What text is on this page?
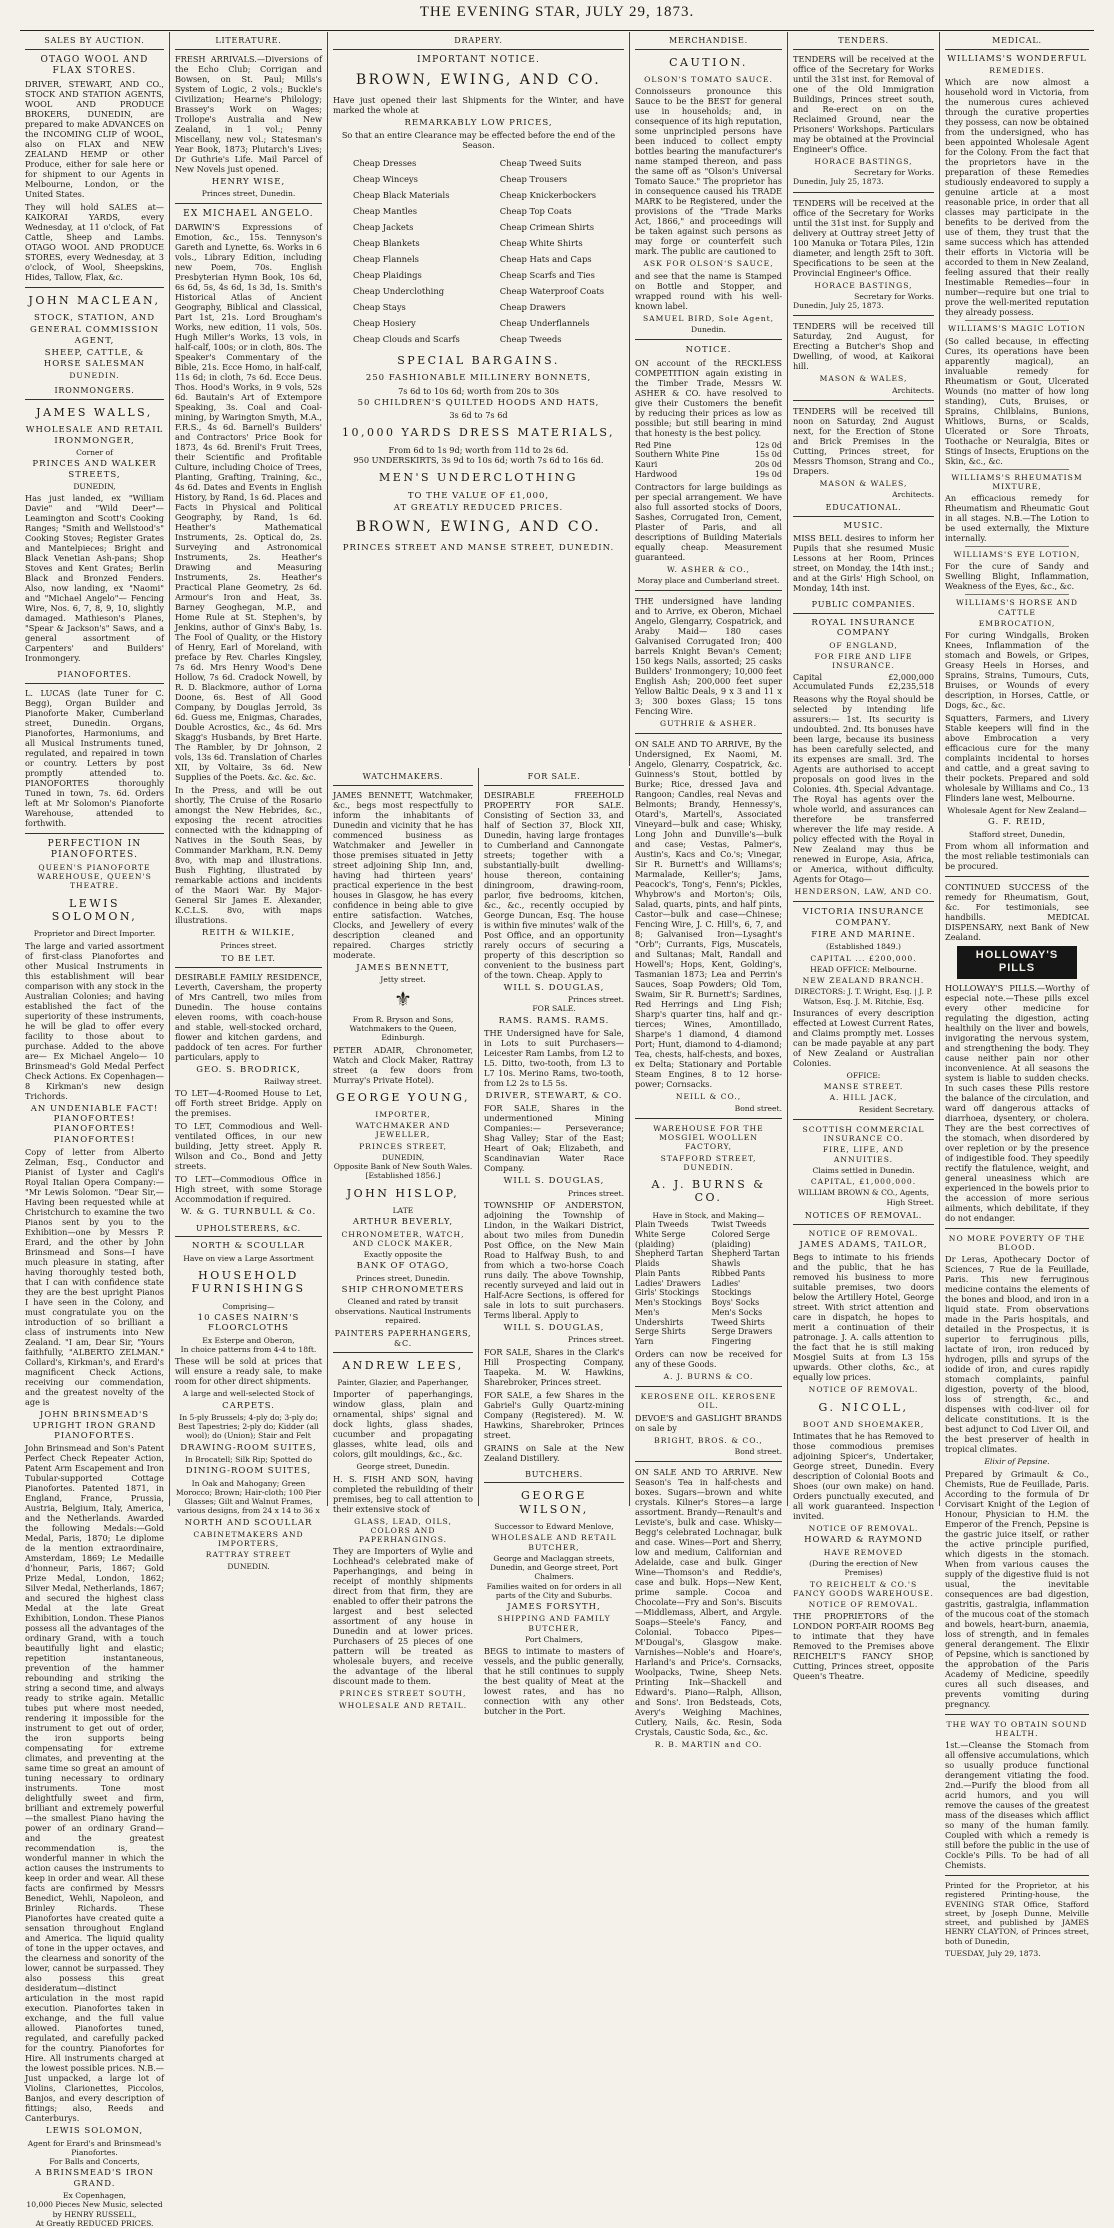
THE EVENING STAR, JULY 29, 1873.
SALES BY AUCTION.
OTAGO WOOL AND FLAX STORES.
DRIVER, STEWART, AND CO., STOCK AND STATION AGENTS, WOOL AND PRODUCE BROKERS, DUNEDIN, are prepared to make ADVANCES on the INCOMING CLIP of WOOL, also on FLAX and NEW ZEALAND HEMP or other Produce, either for sale here or for shipment to our Agents in Melbourne, London, or the United States.
They will hold SALES at— KAIKORAI YARDS, every Wednesday, at 11 o'clock, of Fat Cattle, Sheep and Lambs. OTAGO WOOL AND PRODUCE STORES, every Wednesday, at 3 o'clock, of Wool, Sheepskins, Hides, Tallow, Flax, &c.
JOHN MACLEAN,
STOCK, STATION, AND
GENERAL COMMISSION AGENT,
SHEEP, CATTLE, & HORSE SALESMAN
DUNEDIN.
IRONMONGERS.
JAMES WALLS,
WHOLESALE AND RETAIL IRONMONGER,
Corner of
PRINCES AND WALKER STREETS,
DUNEDIN,
Has just landed, ex "William Davie" and "Wild Deer"— Leamington and Scott's Cooking Ranges; "Smith and Wellstood's" Cooking Stoves; Register Grates and Mantelpieces; Bright and Black Venetian Ash-pans; Shop Stoves and Kent Grates; Berlin Black and Bronzed Fenders. Also, now landing, ex "Naomi" and "Michael Angelo"— Fencing Wire, Nos. 6, 7, 8, 9, 10, slightly damaged. Mathieson's Planes, "Spear & Jackson's" Saws, and a general assortment of Carpenters' and Builders' Ironmongery.
PIANOFORTES.
L. LUCAS (late Tuner for C. Begg), Organ Builder and Pianoforte Maker, Cumberland street, Dunedin. Organs, Pianofortes, Harmoniums, and all Musical Instruments tuned, regulated, and repaired in town or country. Letters by post promptly attended to. PIANOFORTES thoroughly Tuned in town, 7s. 6d. Orders left at Mr Solomon's Pianoforte Warehouse, attended to forthwith.
PERFECTION IN PIANOFORTES.
QUEEN'S PIANOFORTE WAREHOUSE, QUEEN'S THEATRE.
LEWIS SOLOMON,
Proprietor and Direct Importer.
The large and varied assortment of first-class Pianofortes and other Musical Instruments in this establishment will bear comparison with any stock in the Australian Colonies; and having established the fact of the superiority of these instruments, he will be glad to offer every facility to those about to purchase. Added to the above are— Ex Michael Angelo— 10 Brinsmead's Gold Medal Perfect Check Actions. Ex Copenhagen— 8 Kirkman's new design Trichords.
AN UNDENIABLE FACT! PIANOFORTES! PIANOFORTES! PIANOFORTES!
Copy of letter from Alberto Zelman, Esq., Conductor and Pianist of Lyster and Cagli's Royal Italian Opera Company:— "Mr Lewis Solomon. "Dear Sir,—Having been requested while at Christchurch to examine the two Pianos sent by you to the Exhibition—one by Messrs P. Erard, and the other by John Brinsmead and Sons—I have much pleasure in stating, after having thoroughly tested both, that I can with confidence state they are the best upright Pianos I have seen in the Colony, and must congratulate you on the introduction of so brilliant a class of instruments into New Zealand. "I am, Dear Sir, "Yours faithfully, "ALBERTO ZELMAN." Collard's, Kirkman's, and Erard's magnificent Check Actions, receiving our commendation, and the greatest novelty of the age is
JOHN BRINSMEAD'S UPRIGHT IRON GRAND PIANOFORTES.
John Brinsmead and Son's Patent Perfect Check Repeater Action, Patent Arm Escapement and Iron Tubular-supported Cottage Pianofortes. Patented 1871, in England, France, Prussia, Austria, Belgium, Italy, America, and the Netherlands. Awarded the following Medals:—Gold Medal, Paris, 1870; Le diplome de la mention extraordinaire, Amsterdam, 1869; Le Medaille d'honneur, Paris, 1867; Gold Prize Medal, London, 1862; Silver Medal, Netherlands, 1867; and secured the highest class Medal at the late Great Exhibition, London. These Pianos possess all the advantages of the ordinary Grand, with a touch beautifully light and elastic; repetition instantaneous, prevention of the hammer rebounding and striking the string a second time, and always ready to strike again. Metallic tubes put where most needed, rendering it impossible for the instrument to get out of order, the iron supports being compensating for extreme climates, and preventing at the same time so great an amount of tuning necessary to ordinary instruments. Tone most delightfully sweet and firm, brilliant and extremely powerful—the smallest Piano having the power of an ordinary Grand—and the greatest recommendation is, the wonderful manner in which the action causes the instruments to keep in order and wear. All these facts are confirmed by Messrs Benedict, Wehli, Napoleon, and Brinley Richards. These Pianofortes have created quite a sensation throughout England and America. The liquid quality of tone in the upper octaves, and the clearness and sonority of the lower, cannot be surpassed. They also possess this great desideratum—distinct articulation in the most rapid execution. Pianofortes taken in exchange, and the full value allowed. Pianofortes tuned, regulated, and carefully packed for the country. Pianofortes for Hire. All instruments charged at the lowest possible prices. N.B.—Just unpacked, a large lot of Violins, Clarionettes, Piccolos, Banjos, and every description of fittings; also, Reeds and Canterburys.
LEWIS SOLOMON,
Agent for Erard's and Brinsmead's Pianofortes.
For Balls and Concerts,
A BRINSMEAD'S IRON GRAND.
Ex Copenhagen,
10,000 Pieces New Music, selected by HENRY RUSSELL,
At Greatly REDUCED PRICES.
LITERATURE.
FRESH ARRIVALS.—Diversions of the Echo Club; Corrigan and Bowsen, on St. Paul; Mills's System of Logic, 2 vols.; Buckle's Civilization; Hearne's Philology; Brassey's Work on Wages; Trollope's Australia and New Zealand, in 1 vol.; Penny Miscellany, new vol.; Statesman's Year Book, 1873; Plutarch's Lives; Dr Guthrie's Life. Mail Parcel of New Novels just opened.
HENRY WISE,
Princes street, Dunedin.
EX MICHAEL ANGELO.
DARWIN'S Expressions of Emotion, &c., 15s. Tennyson's Gareth and Lynette, 6s. Works in 6 vols., Library Edition, including new Poem, 70s. English Presbyterian Hymn Book, 10s 6d, 6s 6d, 5s, 4s 6d, 1s 3d, 1s. Smith's Historical Atlas of Ancient Geography, Biblical and Classical, Part 1st, 21s. Lord Brougham's Works, new edition, 11 vols, 50s. Hugh Miller's Works, 13 vols, in half-calf, 100s; or in cloth, 80s. The Speaker's Commentary of the Bible, 21s. Ecce Homo, in half-calf, 11s 6d; in cloth, 7s 6d. Ecce Deus. Thos. Hood's Works, in 9 vols, 52s 6d. Bautain's Art of Extempore Speaking, 3s. Coal and Coal-mining, by Warington Smyth, M.A., F.R.S., 4s 6d. Barnell's Builders' and Contractors' Price Book for 1873, 4s 6d. Brenil's Fruit Trees, their Scientific and Profitable Culture, including Choice of Trees, Planting, Grafting, Training, &c., 4s 6d. Dates and Events in English History, by Rand, 1s 6d. Places and Facts in Physical and Political Geography, by Rand, 1s 6d. Heather's Mathematical Instruments, 2s. Optical do, 2s. Surveying and Astronomical Instruments, 2s. Heather's Drawing and Measuring Instruments, 2s. Heather's Practical Plane Geometry, 2s 6d. Armour's Iron and Heat, 3s. Barney Geoghegan, M.P., and Home Rule at St. Stephen's, by Jenkins, author of Ginx's Baby, 1s. The Fool of Quality, or the History of Henry, Earl of Moreland, with preface by Rev. Charles Kingsley, 7s 6d. Mrs Henry Wood's Dene Hollow, 7s 6d. Cradock Nowell, by R. D. Blackmore, author of Lorna Doone, 6s. Best of All Good Company, by Douglas Jerrold, 3s 6d. Guess me, Enigmas, Charades, Double Acrostics, &c., 4s 6d. Mrs Skagg's Husbands, by Bret Harte. The Rambler, by Dr Johnson, 2 vols, 13s 6d. Translation of Charles XII, by Voltaire, 3s 6d. New Supplies of the Poets. &c. &c. &c.
In the Press, and will be out shortly, The Cruise of the Rosario amongst the New Hebrides, &c., exposing the recent atrocities connected with the kidnapping of Natives in the South Seas, by Commander Markham, R.N. Demy 8vo, with map and illustrations. Bush Fighting, illustrated by remarkable actions and incidents of the Maori War. By Major-General Sir James E. Alexander, K.C.L.S. 8vo, with maps illustrations.
REITH & WILKIE,
Princes street.
TO BE LET.
DESIRABLE FAMILY RESIDENCE, Leverth, Caversham, the property of Mrs Cantrell, two miles from Dunedin. The house contains eleven rooms, with coach-house and stable, well-stocked orchard, flower and kitchen gardens, and paddock of ten acres. For further particulars, apply to
GEO. S. BRODRICK,
Railway street.
TO LET—4-Roomed House to Let, off Forth street Bridge. Apply on the premises.
TO LET, Commodious and Well-ventilated Offices, in our new building, Jetty street. Apply R. Wilson and Co., Bond and Jetty streets.
TO LET—Commodious Office in High street, with some Storage Accommodation if required.
W. & G. TURNBULL & Co.
UPHOLSTERERS, &C.
NORTH & SCOULLAR
Have on view a Large Assortment
HOUSEHOLD FURNISHINGS
Comprising—
10 CASES NAIRN'S FLOORCLOTHS
Ex Esterpe and Oberon,
In choice patterns from 4-4 to 18ft.
These will be sold at prices that will ensure a ready sale, to make room for other direct shipments.
A large and well-selected Stock of
CARPETS.
In 5-ply Brussels; 4-ply do; 3-ply do; Best Tapestries; 2-ply do; Kidder (all wool); do (Union); Stair and Felt
DRAWING-ROOM SUITES,
In Brocatell; Silk Rip; Spotted do
DINING-ROOM SUITES,
In Oak and Mahogany; Green Morocco; Brown; Hair-cloth; 100 Pier Glasses; Gilt and Walnut Frames, various designs, from 24 x 14 to 36 x
NORTH AND SCOULLAR
CABINETMAKERS AND IMPORTERS,
RATTRAY STREET
DUNEDIN.
DRAPERY.
IMPORTANT NOTICE.
BROWN, EWING, AND CO.
Have just opened their last Shipments for the Winter, and have marked the whole at
REMARKABLY LOW PRICES,
So that an entire Clearance may be effected before the end of the Season.
Cheap Dresses
Cheap Winceys
Cheap Black Materials
Cheap Mantles
Cheap Jackets
Cheap Blankets
Cheap Flannels
Cheap Plaidings
Cheap Underclothing
Cheap Stays
Cheap Hosiery
Cheap Clouds and Scarfs
Cheap Tweed Suits
Cheap Trousers
Cheap Knickerbockers
Cheap Top Coats
Cheap Crimean Shirts
Cheap White Shirts
Cheap Hats and Caps
Cheap Scarfs and Ties
Cheap Waterproof Coats
Cheap Drawers
Cheap Underflannels
Cheap Tweeds
SPECIAL BARGAINS.
250 FASHIONABLE MILLINERY BONNETS,
7s 6d to 10s 6d; worth from 20s to 30s
50 CHILDREN'S QUILTED HOODS AND HATS,
3s 6d to 7s 6d
10,000 YARDS DRESS MATERIALS,
From 6d to 1s 9d; worth from 11d to 2s 6d.
950 UNDERSKIRTS, 3s 9d to 10s 6d; worth 7s 6d to 16s 6d.
MEN'S UNDERCLOTHING
TO THE VALUE OF £1,000,
AT GREATLY REDUCED PRICES.
BROWN, EWING, AND CO.
PRINCES STREET AND MANSE STREET, DUNEDIN.
WATCHMAKERS.
JAMES BENNETT, Watchmaker, &c., begs most respectfully to inform the inhabitants of Dunedin and vicinity that he has commenced business as Watchmaker and Jeweller in those premises situated in Jetty street adjoining Ship Inn, and, having had thirteen years' practical experience in the best houses in Glasgow, he has every confidence in being able to give entire satisfaction. Watches, Clocks, and Jewellery of every description cleaned and repaired. Charges strictly moderate.
JAMES BENNETT,
Jetty street.
⚜
From R. Bryson and Sons, Watchmakers to the Queen, Edinburgh.
PETER ADAIR, Chronometer, Watch and Clock Maker, Rattray street (a few doors from Murray's Private Hotel).
GEORGE YOUNG,
IMPORTER,
WATCHMAKER AND JEWELLER,
PRINCES STREET,
DUNEDIN,
Opposite Bank of New South Wales.
[Established 1856.]
JOHN HISLOP,
LATE
ARTHUR BEVERLY,
CHRONOMETER, WATCH, AND CLOCK MAKER,
Exactly opposite the
BANK OF OTAGO,
Princes street, Dunedin.
SHIP CHRONOMETERS
Cleaned and rated by transit observations. Nautical Instruments repaired.
PAINTERS PAPERHANGERS, &C.
ANDREW LEES,
Painter, Glazier, and Paperhanger,
Importer of paperhangings, window glass, plain and ornamental, ships' signal and dock lights, glass shades, cucumber and propagating glasses, white lead, oils and colors, gilt mouldings, &c., &c.
George street, Dunedin.
H. S. FISH AND SON, having completed the rebuilding of their premises, beg to call attention to their extensive stock of
GLASS, LEAD, OILS, COLORS AND PAPERHANGINGS.
They are Importers of Wylie and Lochhead's celebrated make of Paperhangings, and being in receipt of monthly shipments direct from that firm, they are enabled to offer their patrons the largest and best selected assortment of any house in Dunedin and at lower prices. Purchasers of 25 pieces of one pattern will be treated as wholesale buyers, and receive the advantage of the liberal discount made to them.
PRINCES STREET SOUTH,
WHOLESALE AND RETAIL.
FOR SALE.
DESIRABLE FREEHOLD PROPERTY FOR SALE. Consisting of Section 33, and half of Section 37, Block XII, Dunedin, having large frontages to Cumberland and Cannongate streets; together with a substantially-built dwelling-house thereon, containing diningroom, drawing-room, parlor, five bedrooms, kitchen, &c., &c., recently occupied by George Duncan, Esq. The house is within five minutes' walk of the Post Office, and an opportunity rarely occurs of securing a property of this description so convenient to the business part of the town. Cheap. Apply to
WILL S. DOUGLAS,
Princes street.
FOR SALE.
RAMS. RAMS. RAMS.
THE Undersigned have for Sale, in Lots to suit Purchasers— Leicester Ram Lambs, from L2 to L5. Ditto, two-tooth, from L3 to L7 10s. Merino Rams, two-tooth, from L2 2s to L5 5s.
DRIVER, STEWART, & CO.
FOR SALE, Shares in the undermentioned Mining Companies:— Perseverance; Shag Valley; Star of the East; Heart of Oak; Elizabeth, and Scandinavian Water Race Company.
WILL S. DOUGLAS,
Princes street.
TOWNSHIP OF ANDERSTON, adjoining the Township of Lindon, in the Waikari District, about two miles from Dunedin Post Office, on the New Main Road to Halfway Bush, to and from which a two-horse Coach runs daily. The above Township, recently surveyed and laid out in Half-Acre Sections, is offered for sale in lots to suit purchasers. Terms liberal. Apply to
WILL S. DOUGLAS,
Princes street.
FOR SALE, Shares in the Clark's Hill Prospecting Company, Taapeka. M. W. Hawkins, Sharebroker, Princes street.
FOR SALE, a few Shares in the Gabriel's Gully Quartz-mining Company (Registered). M. W. Hawkins, Sharebroker, Princes street.
GRAINS on Sale at the New Zealand Distillery.
BUTCHERS.
GEORGE WILSON,
Successor to Edward Menlove,
WHOLESALE AND RETAIL BUTCHER,
George and Maclaggan streets, Dunedin, and George street, Port Chalmers.
Families waited on for orders in all parts of the City and Suburbs.
JAMES FORSYTH,
SHIPPING AND FAMILY BUTCHER,
Port Chalmers,
BEGS to intimate to masters of vessels, and the public generally, that he still continues to supply the best quality of Meat at the lowest rates, and has no connection with any other butcher in the Port.
MERCHANDISE.
CAUTION.
OLSON'S TOMATO SAUCE.
Connoisseurs pronounce this Sauce to be the BEST for general use in households; and, in consequence of its high reputation, some unprincipled persons have been induced to collect empty bottles bearing the manufacturer's name stamped thereon, and pass the same off as "Olson's Universal Tomato Sauce." The proprietor has in consequence caused his TRADE MARK to be Registered, under the provisions of the "Trade Marks Act, 1866," and proceedings will be taken against such persons as may forge or counterfeit such mark. The public are cautioned to
ASK FOR OLSON'S SAUCE,
and see that the name is Stamped on Bottle and Stopper, and wrapped round with his well-known label.
SAMUEL BIRD, Sole Agent,
Dunedin.
NOTICE.
ON account of the RECKLESS COMPETITION again existing in the Timber Trade, Messrs W. ASHER & CO. have resolved to give their Customers the benefit by reducing their prices as low as possible; but still bearing in mind that honesty is the best policy.
Red Pine	12s 0d
Southern White Pine	15s 0d
Kauri	20s 0d
Hardwood	19s 0d
Contractors for large buildings as per special arrangement. We have also full assorted stocks of Doors, Sashes, Corrugated Iron, Cement, Plaster of Paris, and all descriptions of Building Materials equally cheap. Measurement guaranteed.
W. ASHER & CO.,
Moray place and Cumberland street.
THE undersigned have landing and to Arrive, ex Oberon, Michael Angelo, Glengarry, Cospatrick, and Araby Maid— 180 cases Galvanised Corrugated Iron; 400 barrels Knight Bevan's Cement; 150 kegs Nails, assorted; 25 casks Builders' Ironmongery; 10,000 feet English Ash; 200,000 feet super Yellow Baltic Deals, 9 x 3 and 11 x 3; 300 boxes Glass; 15 tons Fencing Wire.
GUTHRIE & ASHER.
ON SALE AND TO ARRIVE, By the Undersigned, Ex Naomi, M. Angelo, Glenarry, Cospatrick, &c. Guinness's Stout, bottled by Burke; Rice, dressed Java and Rangoon; Candles, real Nevas and Belmonts; Brandy, Hennessy's, Otard's, Martell's, Associated Vineyard—bulk and case; Whisky, Long John and Dunville's—bulk and case; Vestas, Palmer's, Austin's, Kacs and Co.'s; Vinegar, Sir R. Burnett's and Williams's; Marmalade, Keiller's; Jams, Peacock's, Tong's, Fenn's; Pickles, Whybrow's and Morton's; Oils, Salad, quarts, pints, and half pints, Castor—bulk and case—Chinese; Fencing Wire, J. C. Hill's, 6, 7, and 8; Galvanised Iron—Lysaght's "Orb"; Currants, Figs, Muscatels, and Sultanas; Malt, Randall and Howell's; Hops, Kent, Golding's, Tasmanian 1873; Lea and Perrin's Sauces, Soap Powders; Old Tom, Swaim, Sir R. Burnett's; Sardines, Red Herrings and Ling Fish; Sharp's quarter tins, half and qr.-tierces; Wines, Amontillado, Sharpe's 1 diamond, 4 diamond Port; Hunt, diamond to 4-diamond; Tea, chests, half-chests, and boxes, ex Delta; Stationary and Portable Steam Engines, 8 to 12 horse-power; Cornsacks.
NEILL & CO.,
Bond street.
WAREHOUSE FOR THE MOSGIEL WOOLLEN FACTORY,
STAFFORD STREET, DUNEDIN.
A. J. BURNS & CO.
Have in Stock, and Making—
Plain Tweeds
White Serge (plaiding)
Shepherd Tartan Plaids
Plain Pants
Ladies' Drawers
Girls' Stockings
Men's Stockings
Men's Undershirts
Serge Shirts
Yarn
Twist Tweeds
Colored Serge (plaiding)
Shepherd Tartan Shawls
Ribbed Pants
Ladies' Stockings
Boys' Socks
Men's Socks
Tweed Shirts
Serge Drawers
Fingering
Orders can now be received for any of these Goods.
A. J. BURNS & CO.
KEROSENE OIL. KEROSENE OIL.
DEVOE'S and GASLIGHT BRANDS on sale by
BRIGHT, BROS. & CO.,
Bond street.
ON SALE AND TO ARRIVE. New Season's Tea in half-chests and boxes. Sugars—brown and white crystals. Kilner's Stores—a large assortment. Brandy—Renault's and Leviste's, bulk and case. Whisky—Begg's celebrated Lochnagar, bulk and case. Wines—Port and Sherry, low and medium, Californian and Adelaide, case and bulk. Ginger Wine—Thomson's and Reddie's, case and bulk. Hops—New Kent, prime sample. Cocoa and Chocolate—Fry and Son's. Biscuits—Middlemass, Albert, and Argyle. Soaps—Steele's Fancy, and Colonial. Tobacco Pipes—M'Dougal's, Glasgow make. Varnishes—Noble's and Hoare's, Harland's and Price's. Cornsacks, Woolpacks, Twine, Sheep Nets. Printing Ink—Shackell and Edward's. Piano—Ralph, Allison, and Sons'. Iron Bedsteads, Cots, Avery's Weighing Machines, Cutlery, Nails, &c. Resin, Soda Crystals, Caustic Soda, &c., &c.
R. B. MARTIN and CO.
TENDERS.
TENDERS will be received at the office of the Secretary for Works until the 31st inst. for Removal of one of the Old Immigration Buildings, Princes street south, and Re-erect on on the Reclaimed Ground, near the Prisoners' Workshops. Particulars may be obtained at the Provincial Engineer's Office.
HORACE BASTINGS,
Secretary for Works.
Dunedin, July 25, 1873.
TENDERS will be received at the office of the Secretary for Works until the 31st inst. for Supply and delivery at Outtray street Jetty of 100 Manuka or Totara Piles, 12in diameter, and length 25ft to 30ft. Specifications to be seen at the Provincial Engineer's Office.
HORACE BASTINGS,
Secretary for Works.
Dunedin, July 25, 1873.
TENDERS will be received till Saturday, 2nd August, for Erecting a Butcher's Shop and Dwelling, of wood, at Kaikorai hill.
MASON & WALES,
Architects.
TENDERS will be received till noon on Saturday, 2nd August next, for the Erection of Stone and Brick Premises in the Cutting, Princes street, for Messrs Thomson, Strang and Co., Drapers.
MASON & WALES,
Architects.
EDUCATIONAL.
MUSIC.
MISS BELL desires to inform her Pupils that she resumed Music Lessons at her Room, Princes street, on Monday, the 14th inst.; and at the Girls' High School, on Monday, 14th inst.
PUBLIC COMPANIES.
ROYAL INSURANCE COMPANY
OF ENGLAND,
FOR FIRE AND LIFE INSURANCE.
Capital	£2,000,000
Accumulated Funds £2,235,518
Reasons why the Royal should be selected by intending life assurers:— 1st. Its security is undoubted. 2nd. Its bonuses have been large, because its business has been carefully selected, and its expenses are small. 3rd. The Agents are authorised to accept proposals on good lives in the Colonies. 4th. Special Advantage. The Royal has agents over the whole world, and assurances can therefore be transferred wherever the life may reside. A policy effected with the Royal in New Zealand may thus be renewed in Europe, Asia, Africa, or America, without difficulty. Agents for Otago—
HENDERSON, LAW, AND CO.
VICTORIA INSURANCE COMPANY.
FIRE AND MARINE.
(Established 1849.)
CAPITAL ... £200,000.
HEAD OFFICE: Melbourne.
NEW ZEALAND BRANCH.
DIRECTORS: J. T. Wright, Esq. | J. P. Watson, Esq. J. M. Ritchie, Esq.
Insurances of every description effected at Lowest Current Rates, and Claims promptly met. Losses can be made payable at any part of New Zealand or Australian Colonies.
OFFICE:
MANSE STREET.
A. HILL JACK,
Resident Secretary.
SCOTTISH COMMERCIAL INSURANCE CO.
FIRE, LIFE, AND ANNUITIES.
Claims settled in Dunedin.
CAPITAL, £1,000,000.
WILLIAM BROWN & CO., Agents,
High Street.
NOTICES OF REMOVAL.
NOTICE OF REMOVAL.
JAMES ADAMS, TAILOR,
Begs to intimate to his friends and the public, that he has removed his business to more suitable premises, two doors below the Artillery Hotel, George street. With strict attention and care in dispatch, he hopes to merit a continuation of their patronage. J. A. calls attention to the fact that he is still making Mosgiel Suits at from L3 15s upwards. Other cloths, &c., at equally low prices.
NOTICE OF REMOVAL.
G. NICOLL,
BOOT AND SHOEMAKER,
Intimates that he has Removed to those commodious premises adjoining Spicer's, Undertaker, George street, Dunedin. Every description of Colonial Boots and Shoes (our own make) on hand. Orders punctually executed, and all work guaranteed. Inspection invited.
NOTICE OF REMOVAL.
HOWARD & RAYMOND
HAVE REMOVED
(During the erection of New Premises)
TO REICHELT & CO.'S FANCY GOODS WAREHOUSE.
NOTICE OF REMOVAL.
THE PROPRIETORS of the LONDON PORT-AIR ROOMS Beg to intimate that they have Removed to the Premises above REICHELT'S FANCY SHOP, Cutting, Princes street, opposite Queen's Theatre.
MEDICAL.
WILLIAMS'S WONDERFUL
REMEDIES.
Which are now almost a household word in Victoria, from the numerous cures achieved through the curative properties they possess, can now be obtained from the undersigned, who has been appointed Wholesale Agent for the Colony. From the fact that the proprietors have in the preparation of these Remedies studiously endeavored to supply a genuine article at a most reasonable price, in order that all classes may participate in the benefits to be derived from the use of them, they trust that the same success which has attended their efforts in Victoria will be accorded to them in New Zealand, feeling assured that their really Inestimable Remedies—four in number—require but one trial to prove the well-merited reputation they already possess.
WILLIAMS'S MAGIC LOTION
(So called because, in effecting Cures, its operations have been apparently magical), an invaluable remedy for Rheumatism or Gout, Ulcerated Wounds (no matter of how long standing), Cuts, Bruises, or Sprains, Chilblains, Bunions, Whitlows, Burns, or Scalds, Ulcerated or Sore Throats, Toothache or Neuralgia, Bites or Stings of Insects, Eruptions on the Skin, &c., &c.
WILLIAMS'S RHEUMATISM MIXTURE,
An efficacious remedy for Rheumatism and Rheumatic Gout in all stages. N.B.—The Lotion to be used externally, the Mixture internally.
WILLIAMS'S EYE LOTION,
For the cure of Sandy and Swelling Blight, Inflammation, Weakness of the Eyes, &c., &c.
WILLIAMS'S HORSE AND CATTLE
EMBROCATION,
For curing Windgalls, Broken Knees, Inflammation of the stomach and Bowels, or Gripes, Greasy Heels in Horses, and Sprains, Strains, Tumours, Cuts, Bruises, or Wounds of every description, in Horses, Cattle, or Dogs, &c., &c.
Squatters, Farmers, and Livery Stable keepers will find in the above Embrocation a very efficacious cure for the many complaints incidental to horses and cattle, and a great saving to their pockets. Prepared and sold wholesale by Williams and Co., 13 Flinders lane west, Melbourne.
Wholesale Agent for New Zealand—
G. F. REID,
Stafford street, Dunedin,
From whom all information and the most reliable testimonials can be procured.
CONTINUED SUCCESS of the remedy for Rheumatism, Gout, &c. For testimonials, see handbills. MEDICAL DISPENSARY, next Bank of New Zealand.
HOLLOWAY'S PILLS
HOLLOWAY'S PILLS.—Worthy of especial note.—These pills excel every other medicine for regulating the digestion, acting healthily on the liver and bowels, invigorating the nervous system, and strengthening the body. They cause neither pain nor other inconvenience. At all seasons the system is liable to sudden checks. In such cases these Pills restore the balance of the circulation, and ward off dangerous attacks of diarrhoea, dysentery, or cholera. They are the best correctives of the stomach, when disordered by over repletion or by the presence of indigestible food. They speedily rectify the flatulence, weight, and general uneasiness which are experienced in the bowels prior to the accession of more serious ailments, which debilitate, if they do not endanger.
NO MORE POVERTY OF THE BLOOD.
Dr Leras, Apothecary Doctor of Sciences, 7 Rue de la Feuillade, Paris. This new ferruginous medicine contains the elements of the bones and blood, and iron in a liquid state. From observations made in the Paris hospitals, and detailed in the Prospectus, it is superior to ferruginous pills, lactate of iron, iron reduced by hydrogen, pills and syrups of the iodide of iron, and cures rapidly stomach complaints, painful digestion, poverty of the blood, loss of strength, &c., and dispenses with cod-liver oil for delicate constitutions. It is the best adjunct to Cod Liver Oil, and the best preserver of health in tropical climates.
Elixir of Pepsine.
Prepared by Grimault & Co., Chemists, Rue de Feuillade, Paris. According to the formula of Dr Corvisart Knight of the Legion of Honour, Physician to H.M. the Emperor of the French, Pepsine is the gastric juice itself, or rather the active principle purified, which digests in the stomach. When from various causes the supply of the digestive fluid is not usual, the inevitable consequences are bad digestion, gastritis, gastralgia, inflammation of the mucous coat of the stomach and bowels, heart-burn, anaemia, loss of strength, and in females general derangement. The Elixir of Pepsine, which is sanctioned by the approbation of the Paris Academy of Medicine, speedily cures all such diseases, and prevents vomiting during pregnancy.
THE WAY TO OBTAIN SOUND HEALTH.
1st.—Cleanse the Stomach from all offensive accumulations, which so usually produce functional derangement vitiating the food. 2nd.—Purify the blood from all acrid humors, and you will remove the causes of the greatest mass of the diseases which afflict so many of the human family. Coupled with which a remedy is still before the public in the use of Cockle's Pills. To be had of all Chemists.
Printed for the Proprietor, at his registered Printing-house, the EVENING STAR Office, Stafford street, by Joseph Dunne, Melville street, and published by JAMES HENRY CLAYTON, of Princes street, both of Dunedin,
TUESDAY, July 29, 1873.
